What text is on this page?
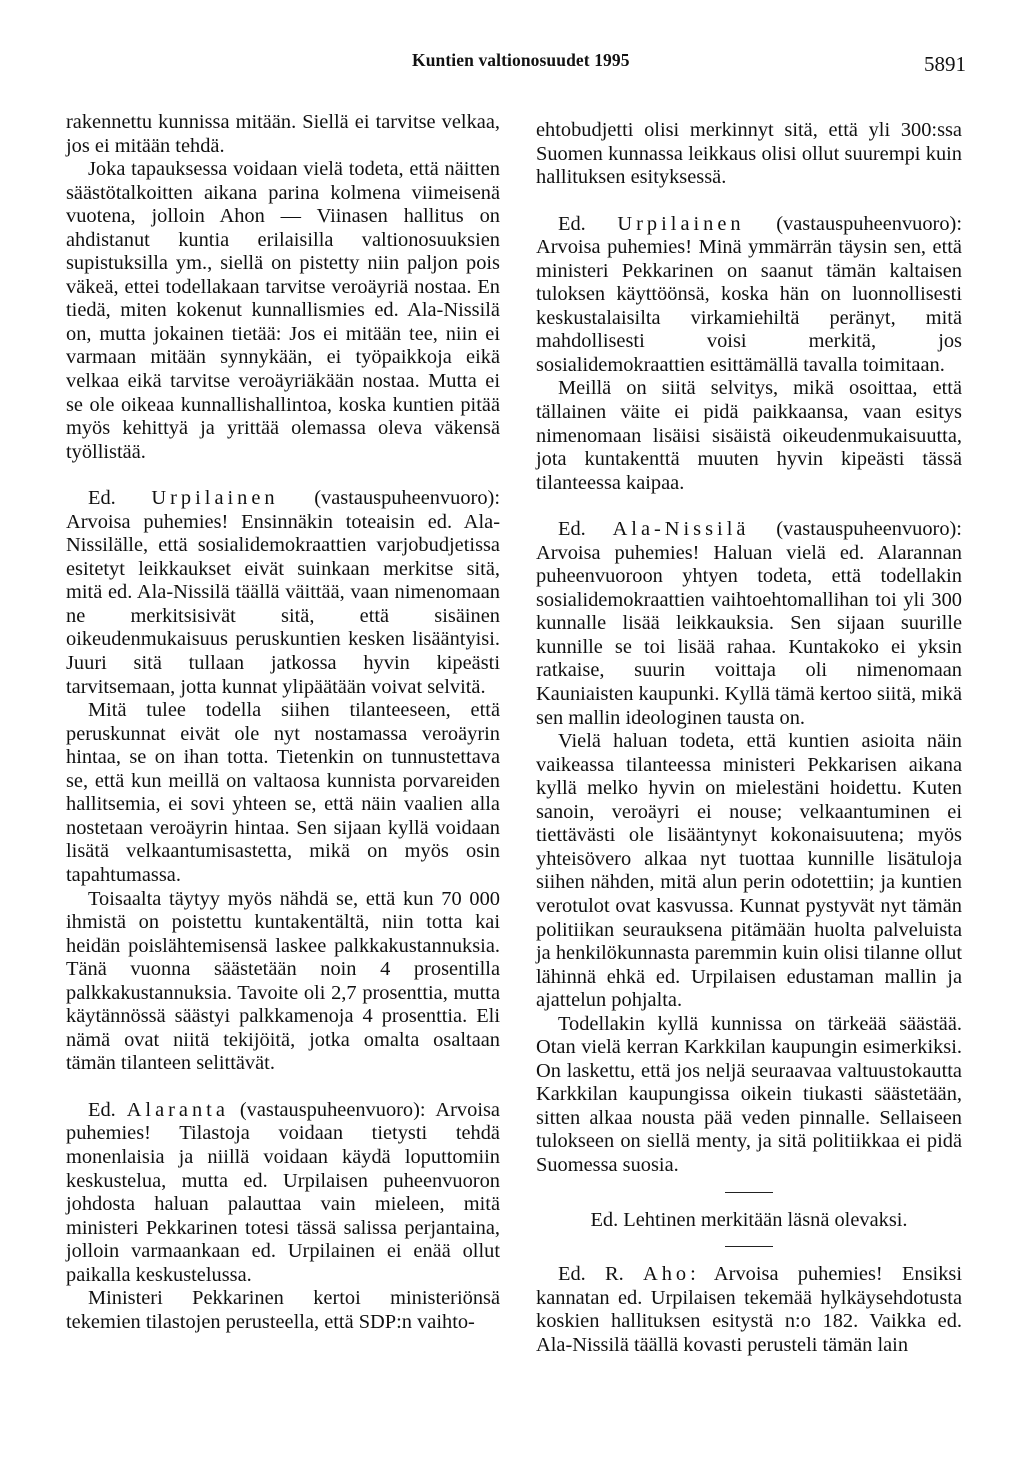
Kuntien valtionosuudet 1995	5891

rakennettu kunnissa mitään. Siellä ei tarvitse velkaa, jos ei mitään tehdä.

Joka tapauksessa voidaan vielä todeta, että näitten säästötalkoitten aikana parina kolmena viimeisenä vuotena, jolloin Ahon — Viinasen hallitus on ahdistanut kuntia erilaisilla valtionosuuksien supistuksilla ym., siellä on pistetty niin paljon pois väkeä, ettei todellakaan tarvitse veroäyriä nostaa. En tiedä, miten kokenut kunnallismies ed. Ala-Nissilä on, mutta jokainen tietää: Jos ei mitään tee, niin ei varmaan mitään synnykään, ei työpaikkoja eikä velkaa eikä tarvitse veroäyriäkään nostaa. Mutta ei se ole oikeaa kunnallishallintoa, koska kuntien pitää myös kehittyä ja yrittää olemassa oleva väkensä työllistää.

Ed. Urpilainen (vastauspuheenvuoro): Arvoisa puhemies! Ensinnäkin toteaisin ed. Ala-Nissilälle, että sosialidemokraattien varjobudjetissa esitetyt leikkaukset eivät suinkaan merkitse sitä, mitä ed. Ala-Nissilä täällä väittää, vaan nimenomaan ne merkitsisivät sitä, että sisäinen oikeudenmukaisuus peruskuntien kesken lisääntyisi. Juuri sitä tullaan jatkossa hyvin kipeästi tarvitsemaan, jotta kunnat ylipäätään voivat selvitä.

Mitä tulee todella siihen tilanteeseen, että peruskunnat eivät ole nyt nostamassa veroäyrin hintaa, se on ihan totta. Tietenkin on tunnustettava se, että kun meillä on valtaosa kunnista porvareiden hallitsemia, ei sovi yhteen se, että näin vaalien alla nostetaan veroäyrin hintaa. Sen sijaan kyllä voidaan lisätä velkaantumisastetta, mikä on myös osin tapahtumassa.

Toisaalta täytyy myös nähdä se, että kun 70 000 ihmistä on poistettu kuntakentältä, niin totta kai heidän poislähtemisensä laskee palkkakustannuksia. Tänä vuonna säästetään noin 4 prosentilla palkkakustannuksia. Tavoite oli 2,7 prosenttia, mutta käytännössä säästyi palkkamenoja 4 prosenttia. Eli nämä ovat niitä tekijöitä, jotka omalta osaltaan tämän tilanteen selittävät.

Ed. Alaranta (vastauspuheenvuoro): Arvoisa puhemies! Tilastoja voidaan tietysti tehdä monenlaisia ja niillä voidaan käydä loputtomiin keskustelua, mutta ed. Urpilaisen puheenvuoron johdosta haluan palauttaa vain mieleen, mitä ministeri Pekkarinen totesi tässä salissa perjantaina, jolloin varmaankaan ed. Urpilainen ei enää ollut paikalla keskustelussa.

Ministeri Pekkarinen kertoi ministeriönsä tekemien tilastojen perusteella, että SDP:n vaihto-

ehtobudjetti olisi merkinnyt sitä, että yli 300:ssa Suomen kunnassa leikkaus olisi ollut suurempi kuin hallituksen esityksessä.

Ed. Urpilainen (vastauspuheenvuoro): Arvoisa puhemies! Minä ymmärrän täysin sen, että ministeri Pekkarinen on saanut tämän kaltaisen tuloksen käyttöönsä, koska hän on luonnollisesti keskustalaisilta virkamiehiltä peränyt, mitä mahdollisesti voisi merkitä, jos sosialidemokraattien esittämällä tavalla toimitaan.

Meillä on siitä selvitys, mikä osoittaa, että tällainen väite ei pidä paikkaansa, vaan esitys nimenomaan lisäisi sisäistä oikeudenmukaisuutta, jota kuntakenttä muuten hyvin kipeästi tässä tilanteessa kaipaa.

Ed. Ala-Nissilä (vastauspuheenvuoro): Arvoisa puhemies! Haluan vielä ed. Alarannan puheenvuoroon yhtyen todeta, että todellakin sosialidemokraattien vaihtoehtomallihan toi yli 300 kunnalle lisää leikkauksia. Sen sijaan suurille kunnille se toi lisää rahaa. Kuntakoko ei yksin ratkaise, suurin voittaja oli nimenomaan Kauniaisten kaupunki. Kyllä tämä kertoo siitä, mikä sen mallin ideologinen tausta on.

Vielä haluan todeta, että kuntien asioita näin vaikeassa tilanteessa ministeri Pekkarisen aikana kyllä melko hyvin on mielestäni hoidettu. Kuten sanoin, veroäyri ei nouse; velkaantuminen ei tiettävästi ole lisääntynyt kokonaisuutena; myös yhteisövero alkaa nyt tuottaa kunnille lisätuloja siihen nähden, mitä alun perin odotettiin; ja kuntien verotulot ovat kasvussa. Kunnat pystyvät nyt tämän politiikan seurauksena pitämään huolta palveluista ja henkilökunnasta paremmin kuin olisi tilanne ollut lähinnä ehkä ed. Urpilaisen edustaman mallin ja ajattelun pohjalta.

Todellakin kyllä kunnissa on tärkeää säästää. Otan vielä kerran Karkkilan kaupungin esimerkiksi. On laskettu, että jos neljä seuraavaa valtuustokautta Karkkilan kaupungissa oikein tiukasti säästetään, sitten alkaa nousta pää veden pinnalle. Sellaiseen tulokseen on siellä menty, ja sitä politiikkaa ei pidä Suomessa suosia.

Ed. Lehtinen merkitään läsnä olevaksi.

Ed. R. Aho: Arvoisa puhemies! Ensiksi kannatan ed. Urpilaisen tekemää hylkäysehdotusta koskien hallituksen esitystä n:o 182. Vaikka ed. Ala-Nissilä täällä kovasti perusteli tämän lain
